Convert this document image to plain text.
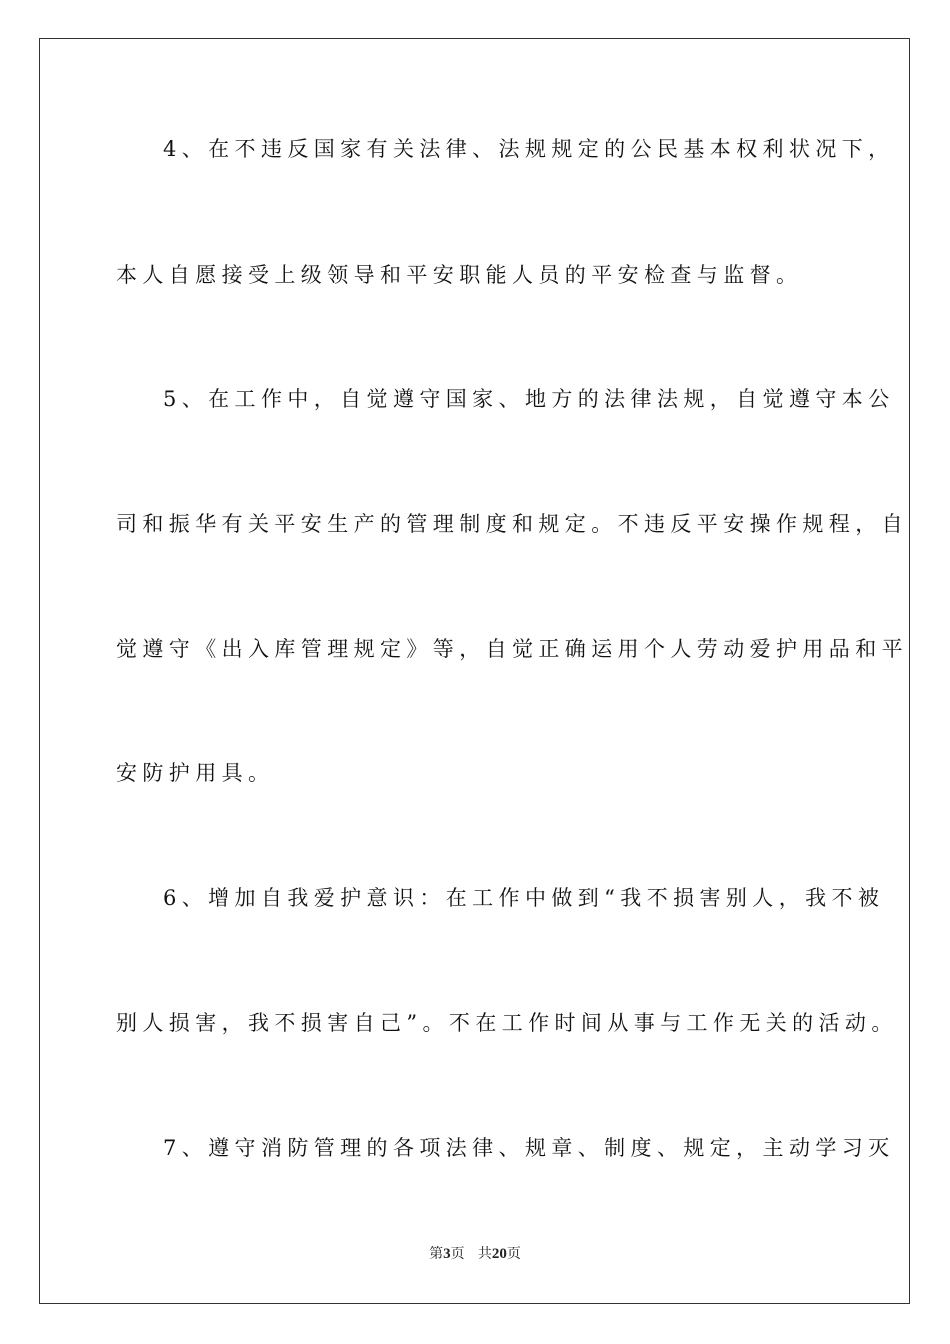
4、在不违反国家有关法律、法规规定的公民基本权利状况下，
本人自愿接受上级领导和平安职能人员的平安检查与监督。
5、在工作中，自觉遵守国家、地方的法律法规，自觉遵守本公
司和振华有关平安生产的管理制度和规定。不违反平安操作规程，自
觉遵守《出入库管理规定》等，自觉正确运用个人劳动爱护用品和平
安防护用具。
6、增加自我爱护意识：在工作中做到“我不损害别人，我不被
别人损害，我不损害自己”。不在工作时间从事与工作无关的活动。
7、遵守消防管理的各项法律、规章、制度、规定，主动学习灭
第3页 共20页
